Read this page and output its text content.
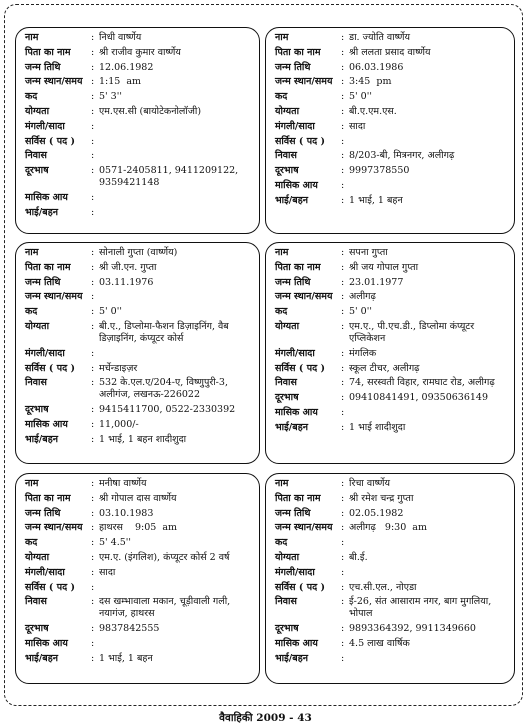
नाम	: निधी वार्ष्णेय
पिता का नाम	: श्री राजीव कुमार वार्ष्णेय
जन्म तिथि	: 12.06.1982
जन्म स्थान/समय : 1:15  am
कद	: 5' 3''
योग्यता	: एम.एस.सी (बायोटेकनोलॉजी)
मंगली/सादा	:
सर्विस ( पद )	:
निवास	:
दूरभाष	: 0571-2405811, 9411209122, 9359421148
मासिक आय	:
भाई/बहन	:
नाम	: डा. ज्योति वार्ष्णेय
पिता का नाम	: श्री ललता प्रसाद वार्ष्णेय
जन्म तिथि	: 06.03.1986
जन्म स्थान/समय : 3:45  pm
कद	: 5' 0''
योग्यता	: बी.ए.एम.एस.
मंगली/सादा	: सादा
सर्विस ( पद )	:
निवास	: 8/203-बी, मित्रनगर, अलीगढ़
दूरभाष	: 9997378550
मासिक आय	:
भाई/बहन	: 1 भाई, 1 बहन
नाम	: सोनाली गुप्ता (वार्ष्णेय)
पिता का नाम	: श्री जी.एन. गुप्ता
जन्म तिथि	: 03.11.1976
जन्म स्थान/समय :
कद	: 5' 0''
योग्यता	: बी.ए., डिप्लोमा-फैशन डिज़ाइनिंग, वैब डिज़ाइनिंग, कंप्यूटर कोर्स
मंगली/सादा	:
सर्विस ( पद )	: मर्चेन्डाइज़र
निवास	: 532 के.एल.ए/204-ए, विष्णुपुरी-3, अलीगंज, लखनऊ-226022
दूरभाष	: 9415411700, 0522-2330392
मासिक आय	: 11,000/-
भाई/बहन	: 1 भाई, 1 बहन शादीशुदा
नाम	: सपना गुप्ता
पिता का नाम	: श्री जय गोपाल गुप्ता
जन्म तिथि	: 23.01.1977
जन्म स्थान/समय : अलीगढ़
कद	: 5' 0''
योग्यता	: एम.ए., पी.एच.डी., डिप्लोमा कंप्यूटर एप्लिकेशन
मंगली/सादा	: मंगलिक
सर्विस ( पद )	: स्कूल टीचर, अलीगढ़
निवास	: 74, सरस्वती विहार, रामघाट रोड, अलीगढ़
दूरभाष	: 09410841491, 09350636149
मासिक आय	:
भाई/बहन	: 1 भाई शादीशुदा
नाम	: मनीषा वार्ष्णेय
पिता का नाम	: श्री गोपाल दास वार्ष्णेय
जन्म तिथि	: 03.10.1983
जन्म स्थान/समय : हाथरस    9:05  am
कद	: 5' 4.5''
योग्यता	: एम.ए. (इंगलिश), कंप्यूटर कोर्स 2 वर्ष
मंगली/सादा	: सादा
सर्विस ( पद )	:
निवास	: दस खम्भावाला मकान, चूड़ीवाली गली, नयागंज, हाथरस
दूरभाष	: 9837842555
मासिक आय	:
भाई/बहन	: 1 भाई, 1 बहन
नाम	: रिचा वार्ष्णेय
पिता का नाम	: श्री रमेश चन्द्र गुप्ता
जन्म तिथि	: 02.05.1982
जन्म स्थान/समय : अलीगढ़   9:30  am
कद	:
योग्यता	: बी.ई.
मंगली/सादा	:
सर्विस ( पद )	: एच.सी.एल., नोएडा
निवास	: ई-26, संत आसाराम नगर, बाग मुगलिया, भोपाल
दूरभाष	: 9893364392, 9911349660
मासिक आय	: 4.5 लाख वार्षिक
भाई/बहन	:
वैवाहिकी 2009 - 43
